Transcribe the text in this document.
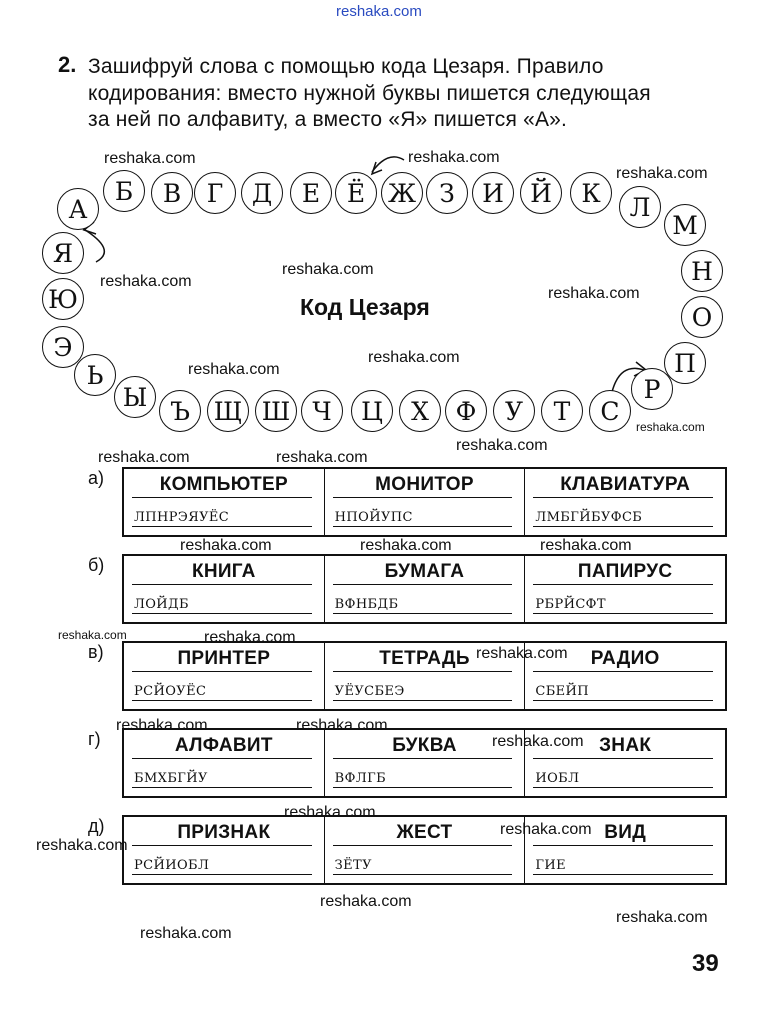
reshaka.com
2. Зашифруй слова с помощью кода Цезаря. Правило
кодирования: вместо нужной буквы пишется следующая
за ней по алфавиту, а вместо «Я» пишется «А».
Код Цезаря
А
Б	В	Г	Д	Е	Ё Ж З	И	Й	К	Л
М
Н
О
П
Р
С
Т
У
Ф
Х
Ц
Ч
Ш
Щ
Ъ
Ы
Ь
Э
Ю
Я
reshaka.com	reshaka.com
reshaka.com
reshaka.com
reshaka.com
reshaka.com
reshaka.com
reshaka.com
reshaka.com
reshaka.com
reshaka.com	reshaka.com
а)	КОМПЬЮТЕР
ЛПНРЭЯУЁС
МОНИТОР
НПОЙУПС
КЛАВИАТУРА
ЛМБГЙБУФСБ
б)	КНИГА
ЛОЙДБ
БУМАГА
ВФНБДБ
ПАПИРУС
РБРЙСФТ
в)	ПРИНТЕР
РСЙОУЁС
ТЕТРАДЬ
УЁУСБЕЭ
РАДИО
СБЕЙП
г)	АЛФАВИТ
БМХБГЙУ
БУКВА
ВФЛГБ
ЗНАК
ИОБЛ
д)	ПРИЗНАК
РСЙИОБЛ
ЖЕСТ
ЗЁТУ
ВИД
ГИЕ
reshaka.com	reshaka.com	reshaka.com
reshaka.com	reshaka.com
reshaka.com
reshaka.com	reshaka.com
reshaka.com
reshaka.com
reshaka.com
reshaka.com
reshaka.com
reshaka.com
reshaka.com
39
